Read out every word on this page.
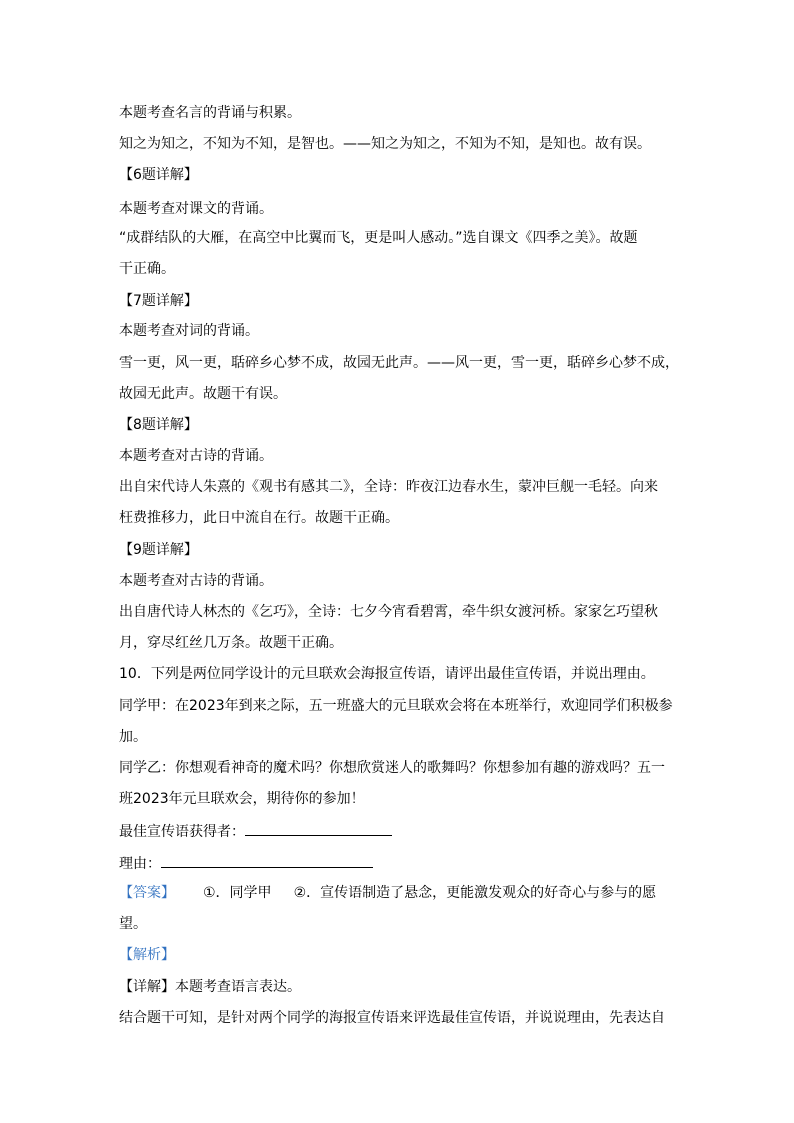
本题考查名言的背诵与积累。
知之为知之，不知为不知，是智也。——知之为知之，不知为不知，是知也。故有误。
【6题详解】
本题考查对课文的背诵。
“成群结队的大雁，在高空中比翼而飞，更是叫人感动。”选自课文《四季之美》。故题
干正确。
【7题详解】
本题考查对词的背诵。
雪一更，风一更，聒碎乡心梦不成，故园无此声。——风一更，雪一更，聒碎乡心梦不成，
故园无此声。故题干有误。
【8题详解】
本题考查对古诗的背诵。
出自宋代诗人朱熹的《观书有感其二》，全诗：昨夜江边春水生，蒙冲巨舰一毛轻。向来
枉费推移力，此日中流自在行。故题干正确。
【9题详解】
本题考查对古诗的背诵。
出自唐代诗人林杰的《乞巧》，全诗：七夕今宵看碧霄，牵牛织女渡河桥。家家乞巧望秋
月，穿尽红丝几万条。故题干正确。
10．下列是两位同学设计的元旦联欢会海报宣传语，请评出最佳宣传语，并说出理由。
同学甲：在2023年到来之际，五一班盛大的元旦联欢会将在本班举行，欢迎同学们积极参
加。
同学乙：你想观看神奇的魔术吗？你想欣赏迷人的歌舞吗？你想参加有趣的游戏吗？五一
班2023年元旦联欢会，期待你的参加！
最佳宣传语获得者：
理由：
【答案】 ①．同学甲 ②．宣传语制造了悬念，更能激发观众的好奇心与参与的愿
望。
【解析】
【详解】本题考查语言表达。
结合题干可知，是针对两个同学的海报宣传语来评选最佳宣传语，并说说理由，先表达自
